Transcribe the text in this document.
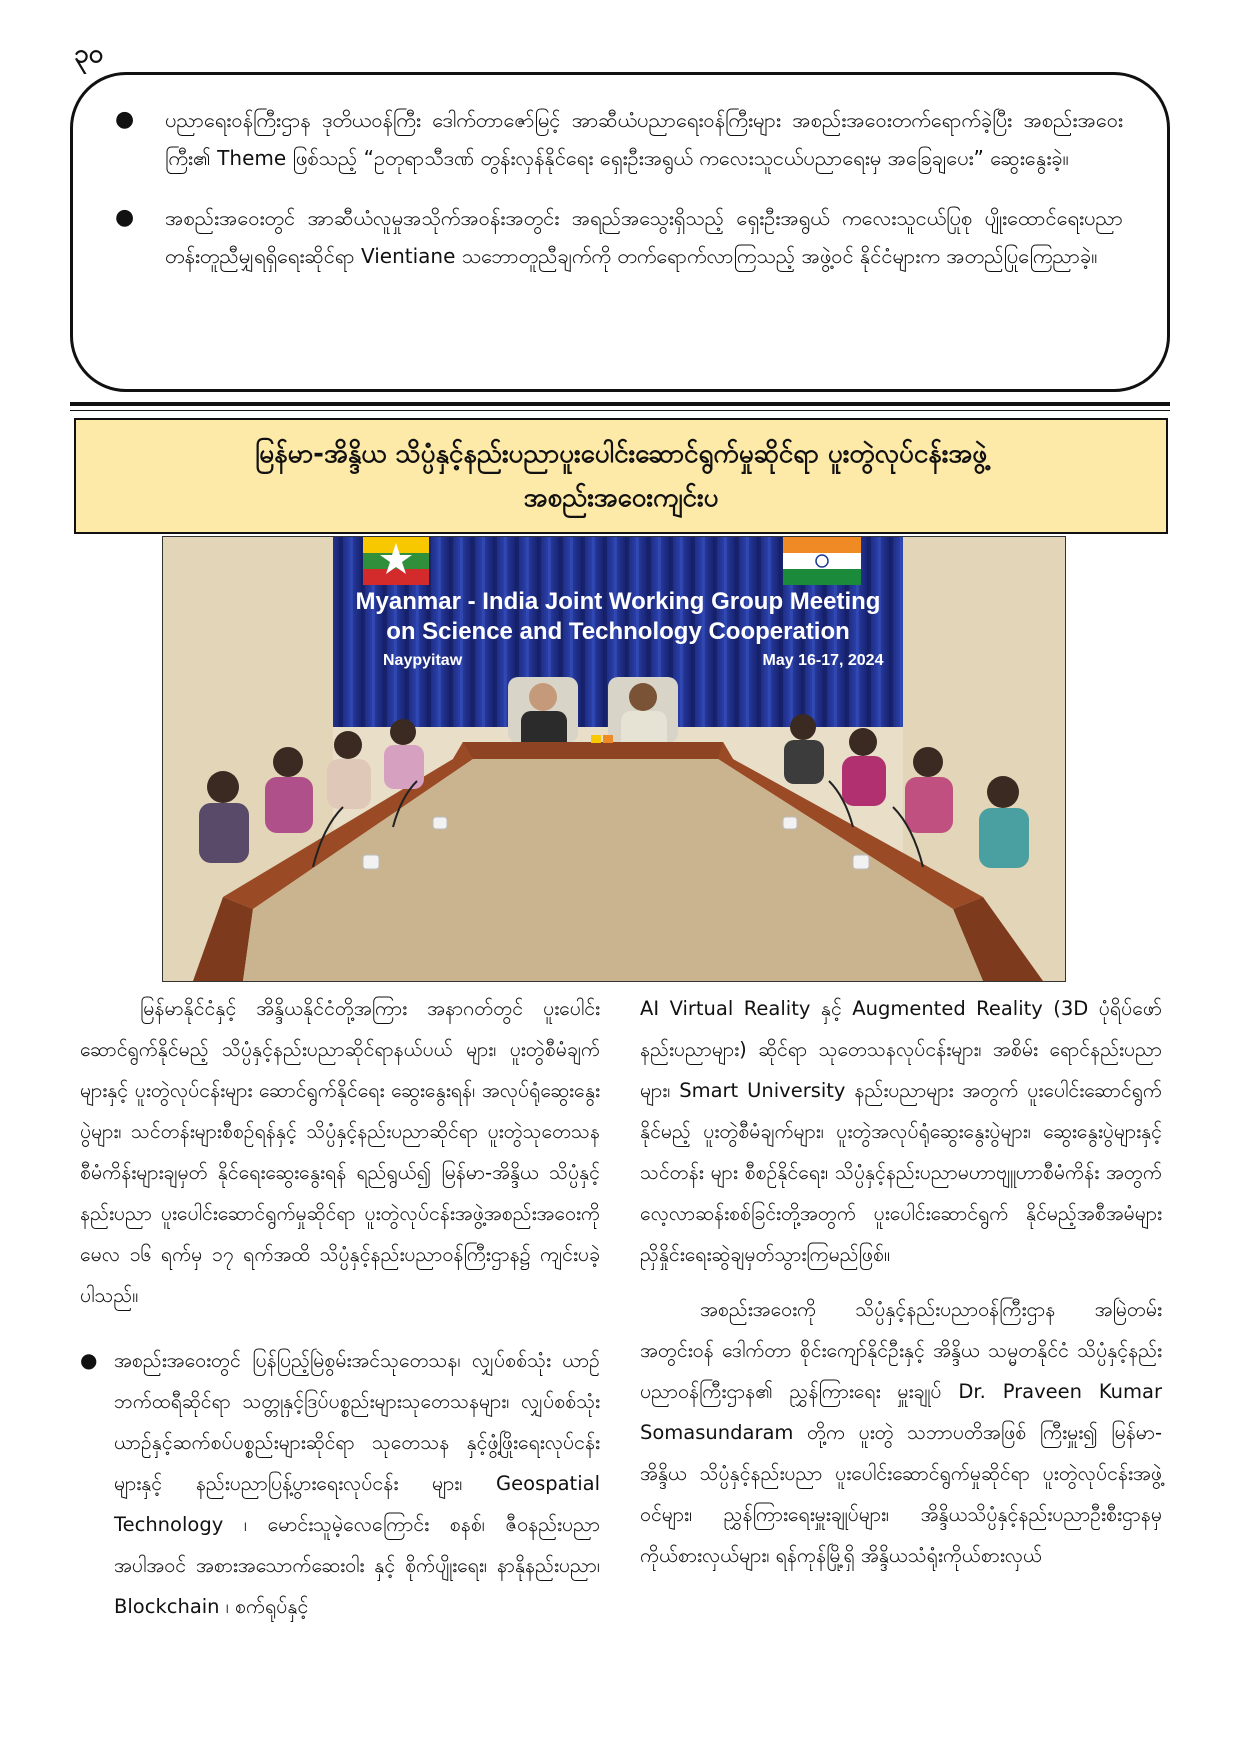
၃၀
● ပညာရေးဝန်ကြီးဌာန ဒုတိယဝန်ကြီး ဒေါက်တာဇော်မြင့် အာဆီယံပညာရေးဝန်ကြီးများ အစည်းအဝေးတက်ရောက်ခဲ့ပြီး အစည်းအဝေးကြီး၏ Theme ဖြစ်သည့် “ဥတုရာသီဒဏ် တွန်းလှန်နိုင်ရေး ရှေးဦးအရွယ် ကလေးသူငယ်ပညာရေးမှ အခြေချပေး” ဆွေးနွေးခဲ့။
● အစည်းအဝေးတွင် အာဆီယံလူမှုအသိုက်အဝန်းအတွင်း အရည်အသွေးရှိသည့် ရှေးဦးအရွယ် ကလေးသူငယ်ပြုစု ပျိုးထောင်ရေးပညာတန်းတူညီမျှရရှိရေးဆိုင်ရာ Vientiane သဘောတူညီချက်ကို တက်ရောက်လာကြသည့် အဖွဲ့ဝင် နိုင်ငံများက အတည်ပြုကြေညာခဲ့။
မြန်မာ-အိန္ဒိယ သိပ္ပံနှင့်နည်းပညာပူးပေါင်းဆောင်ရွက်မှုဆိုင်ရာ ပူးတွဲလုပ်ငန်းအဖွဲ့
အစည်းအဝေးကျင်းပ
Myanmar - India Joint Working Group Meeting
on Science and Technology Cooperation
Naypyitaw	May 16-17, 2024

မြန်မာနိုင်ငံနှင့် အိန္ဒိယနိုင်ငံတို့အကြား အနာဂတ်တွင် ပူးပေါင်းဆောင်ရွက်နိုင်မည့် သိပ္ပံနှင့်နည်းပညာဆိုင်ရာနယ်ပယ် များ၊ ပူးတွဲစီမံချက်များနှင့် ပူးတွဲလုပ်ငန်းများ ဆောင်ရွက်နိုင်ရေး ဆွေးနွေးရန်၊ အလုပ်ရုံဆွေးနွေးပွဲများ၊ သင်တန်းများစီစဉ်ရန်နှင့် သိပ္ပံနှင့်နည်းပညာဆိုင်ရာ ပူးတွဲသုတေသနစီမံကိန်းများချမှတ် နိုင်ရေးဆွေးနွေးရန် ရည်ရွယ်၍ မြန်မာ-အိန္ဒိယ သိပ္ပံနှင့်နည်းပညာ ပူးပေါင်းဆောင်ရွက်မှုဆိုင်ရာ ပူးတွဲလုပ်ငန်းအဖွဲ့အစည်းအဝေးကို မေလ ၁၆ ရက်မှ ၁၇ ရက်အထိ သိပ္ပံနှင့်နည်းပညာဝန်ကြီးဌာန၌ ကျင်းပခဲ့ပါသည်။

● အစည်းအဝေးတွင် ပြန်ပြည့်မြဲစွမ်းအင်သုတေသန၊ လျှပ်စစ်သုံး ယာဉ်ဘက်ထရီဆိုင်ရာ သတ္တုနှင့်ဒြပ်ပစ္စည်းများသုတေသနများ၊ လျှပ်စစ်သုံးယာဉ်နှင့်ဆက်စပ်ပစ္စည်းများဆိုင်ရာ သုတေသန နှင့်ဖွံ့ဖြိုးရေးလုပ်ငန်းများနှင့် နည်းပညာပြန့်ပွားရေးလုပ်ငန်း များ၊ Geospatial Technology ၊ မောင်းသူမဲ့လေကြောင်း စနစ်၊ ဇီဝနည်းပညာအပါအဝင် အစားအသောက်ဆေးဝါး နှင့် စိုက်ပျိုးရေး၊ နာနိုနည်းပညာ၊ Blockchain ၊ စက်ရုပ်နှင့်

AI Virtual Reality နှင့် Augmented Reality (3D ပုံရိပ်ဖော် နည်းပညာများ) ဆိုင်ရာ သုတေသနလုပ်ငန်းများ၊ အစိမ်း ရောင်နည်းပညာများ၊ Smart University နည်းပညာများ အတွက် ပူးပေါင်းဆောင်ရွက်နိုင်မည့် ပူးတွဲစီမံချက်များ၊ ပူးတွဲအလုပ်ရုံဆွေးနွေးပွဲများ၊ ဆွေးနွေးပွဲများနှင့်သင်တန်း များ စီစဉ်နိုင်ရေး၊ သိပ္ပံနှင့်နည်းပညာမဟာဗျူဟာစီမံကိန်း အတွက် လေ့လာဆန်းစစ်ခြင်းတို့အတွက် ပူးပေါင်းဆောင်ရွက် နိုင်မည့်အစီအမံများ ညှိနှိုင်းရေးဆွဲချမှတ်သွားကြမည်ဖြစ်။

အစည်းအဝေးကို သိပ္ပံနှင့်နည်းပညာဝန်ကြီးဌာန အမြဲတမ်းအတွင်းဝန် ဒေါက်တာ စိုင်းကျော်နိုင်ဦးနှင့် အိန္ဒိယ သမ္မတနိုင်ငံ သိပ္ပံနှင့်နည်းပညာဝန်ကြီးဌာန၏ ညွှန်ကြားရေး မှူးချုပ် Dr. Praveen Kumar Somasundaram တို့က ပူးတွဲ သဘာပတိအဖြစ် ကြီးမှူး၍ မြန်မာ-အိန္ဒိယ သိပ္ပံနှင့်နည်းပညာ ပူးပေါင်းဆောင်ရွက်မှုဆိုင်ရာ ပူးတွဲလုပ်ငန်းအဖွဲ့ဝင်များ၊ ညွှန်ကြားရေးမှူးချုပ်များ၊ အိန္ဒိယသိပ္ပံနှင့်နည်းပညာဦးစီးဌာနမှ ကိုယ်စားလှယ်များ၊ ရန်ကုန်မြို့ရှိ အိန္ဒိယသံရုံးကိုယ်စားလှယ်
